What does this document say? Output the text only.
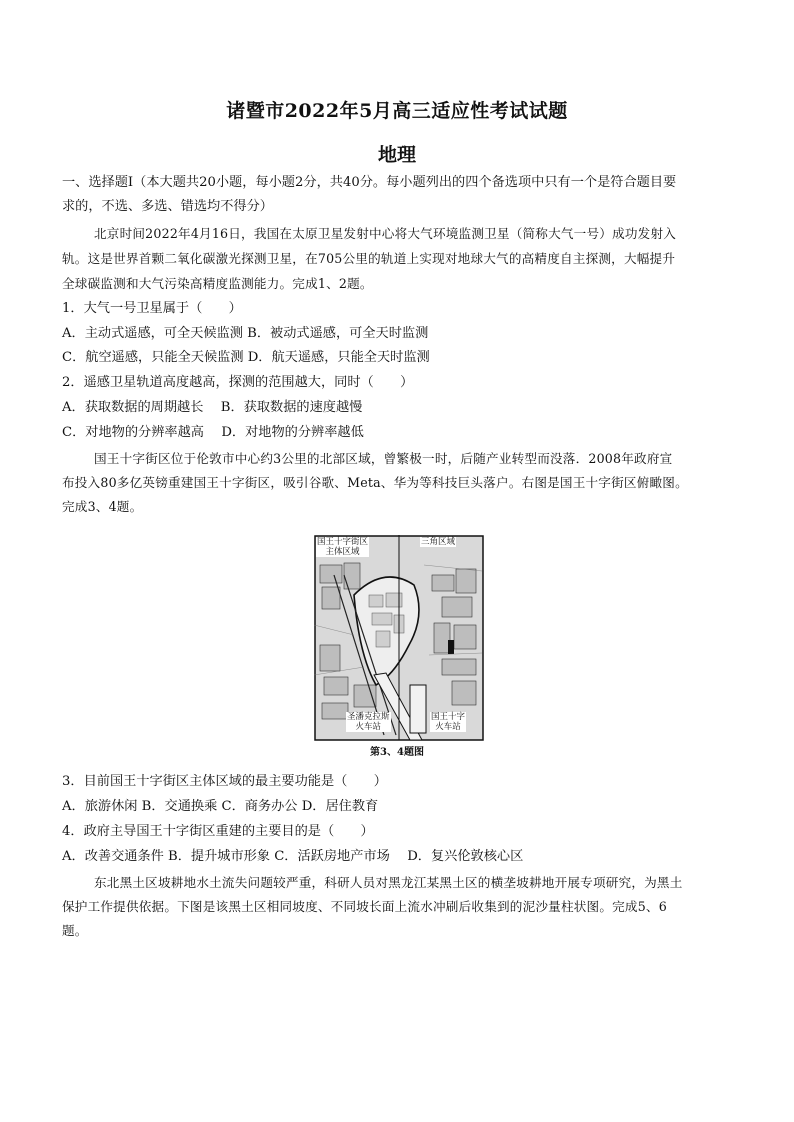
诸暨市2022年5月高三适应性考试试题
地理
一、选择题Ⅰ（本大题共20小题，每小题2分，共40分。每小题列出的四个备选项中只有一个是符合题目要
求的，不选、多选、错选均不得分）
北京时间2022年4月16日，我国在太原卫星发射中心将大气环境监测卫星（简称大气一号）成功发射入
轨。这是世界首颗二氧化碳激光探测卫星，在705公里的轨道上实现对地球大气的高精度自主探测，大幅提升
全球碳监测和大气污染高精度监测能力。完成1、2题。
1．大气一号卫星属于（　　）
A．主动式遥感，可全天候监测 B．被动式遥感，可全天时监测
C．航空遥感，只能全天候监测 D．航天遥感，只能全天时监测
2．遥感卫星轨道高度越高，探测的范围越大，同时（　　）
A．获取数据的周期越长　 B．获取数据的速度越慢
C．对地物的分辨率越高　 D．对地物的分辨率越低
国王十字街区位于伦敦市中心约3公里的北部区域，曾繁极一时，后随产业转型而没落．2008年政府宣
布投入80多亿英镑重建国王十字街区，吸引谷歌、Meta、华为等科技巨头落户。右图是国王十字街区俯瞰图。
完成3、4题。
国王十字街区
主体区域
三角区域
圣潘克拉斯
火车站
国王十字
火车站
第3、4题图
3．目前国王十字街区主体区域的最主要功能是（　　）
A．旅游休闲 B．交通换乘 C．商务办公 D．居住教育
4．政府主导国王十字街区重建的主要目的是（　　）
A．改善交通条件 B．提升城市形象 C．活跃房地产市场　 D．复兴伦敦核心区
东北黑土区坡耕地水土流失问题较严重，科研人员对黑龙江某黑土区的横垄坡耕地开展专项研究，为黑土
保护工作提供依据。下图是该黑土区相同坡度、不同坡长面上流水冲刷后收集到的泥沙量柱状图。完成5、6
题。
